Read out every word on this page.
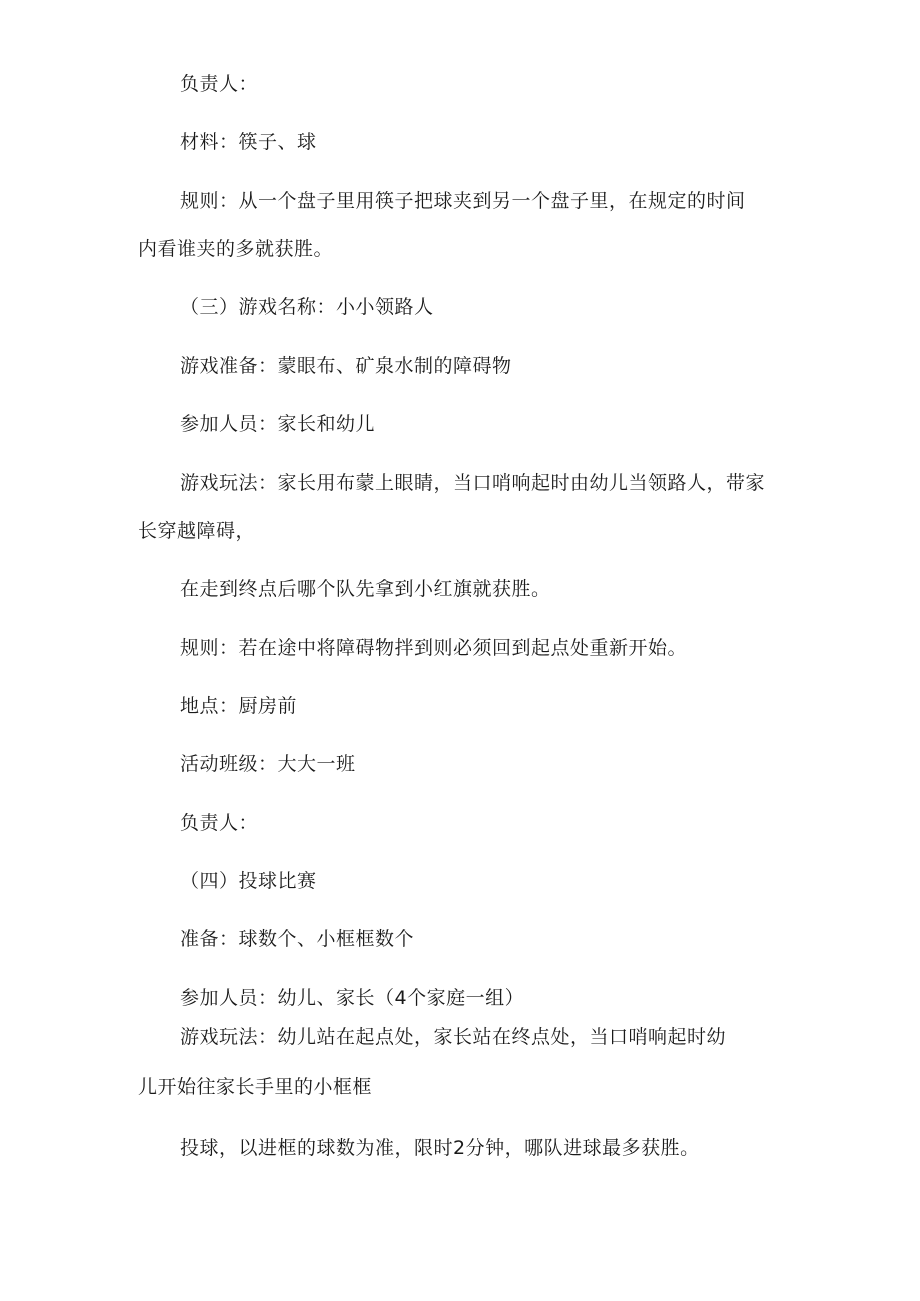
负责人：
材料：筷子、球
规则：从一个盘子里用筷子把球夹到另一个盘子里，在规定的时间
内看谁夹的多就获胜。
（三）游戏名称：小小领路人
游戏准备：蒙眼布、矿泉水制的障碍物
参加人员：家长和幼儿
游戏玩法：家长用布蒙上眼睛，当口哨响起时由幼儿当领路人，带家
长穿越障碍，
在走到终点后哪个队先拿到小红旗就获胜。
规则：若在途中将障碍物拌到则必须回到起点处重新开始。
地点：厨房前
活动班级：大大一班
负责人：
（四）投球比赛
准备：球数个、小框框数个
参加人员：幼儿、家长（4个家庭一组）
游戏玩法：幼儿站在起点处，家长站在终点处，当口哨响起时幼
儿开始往家长手里的小框框
投球，以进框的球数为准，限时2分钟，哪队进球最多获胜。
